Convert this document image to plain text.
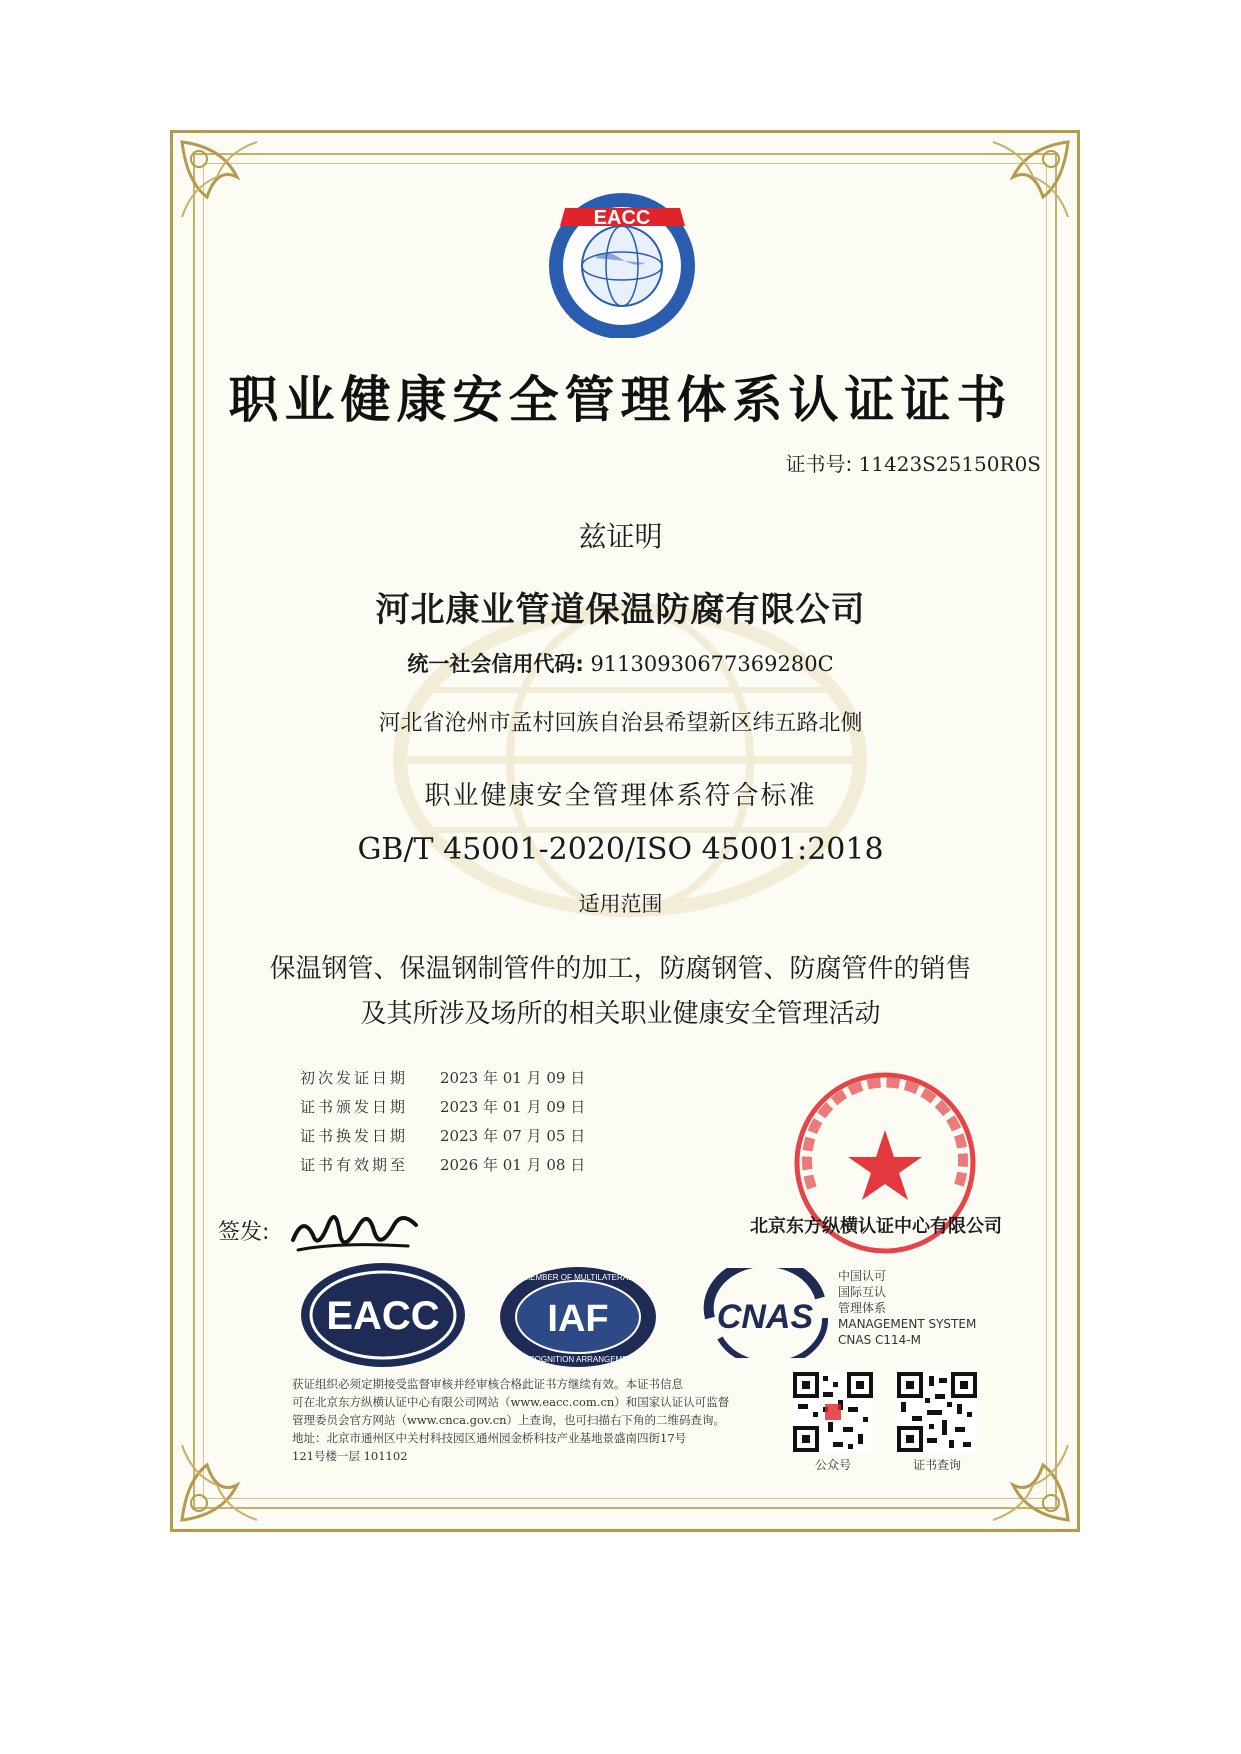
EACC
职业健康安全管理体系认证证书
证书号: 11423S25150R0S
兹证明
河北康业管道保温防腐有限公司
统一社会信用代码: 91130930677369280C
河北省沧州市孟村回族自治县希望新区纬五路北侧
职业健康安全管理体系符合标准
GB/T 45001-2020/ISO 45001:2018
适用范围
保温钢管、保温钢制管件的加工，防腐钢管、防腐管件的销售
及其所涉及场所的相关职业健康安全管理活动
初次发证日期	2023 年 01 月 09 日
证书颁发日期	2023 年 01 月 09 日
证书换发日期	2023 年 07 月 05 日
证书有效期至	2026 年 01 月 08 日
签发:	北京东方纵横认证中心有限公司
EACC	IAF
MEMBER OF MULTILATERAL
RECOGNITION ARRANGEMENT
CNAS
中国认可
国际互认
管理体系
MANAGEMENT SYSTEM
CNAS C114-M
获证组织必须定期接受监督审核并经审核合格此证书方继续有效。本证书信息
可在北京东方纵横认证中心有限公司网站（www.eacc.com.cn）和国家认证认可监督
管理委员会官方网站（www.cnca.gov.cn）上查询，也可扫描右下角的二维码查询。
地址：北京市通州区中关村科技园区通州园金桥科技产业基地景盛南四街17号
121号楼一层 101102
公众号	证书查询
